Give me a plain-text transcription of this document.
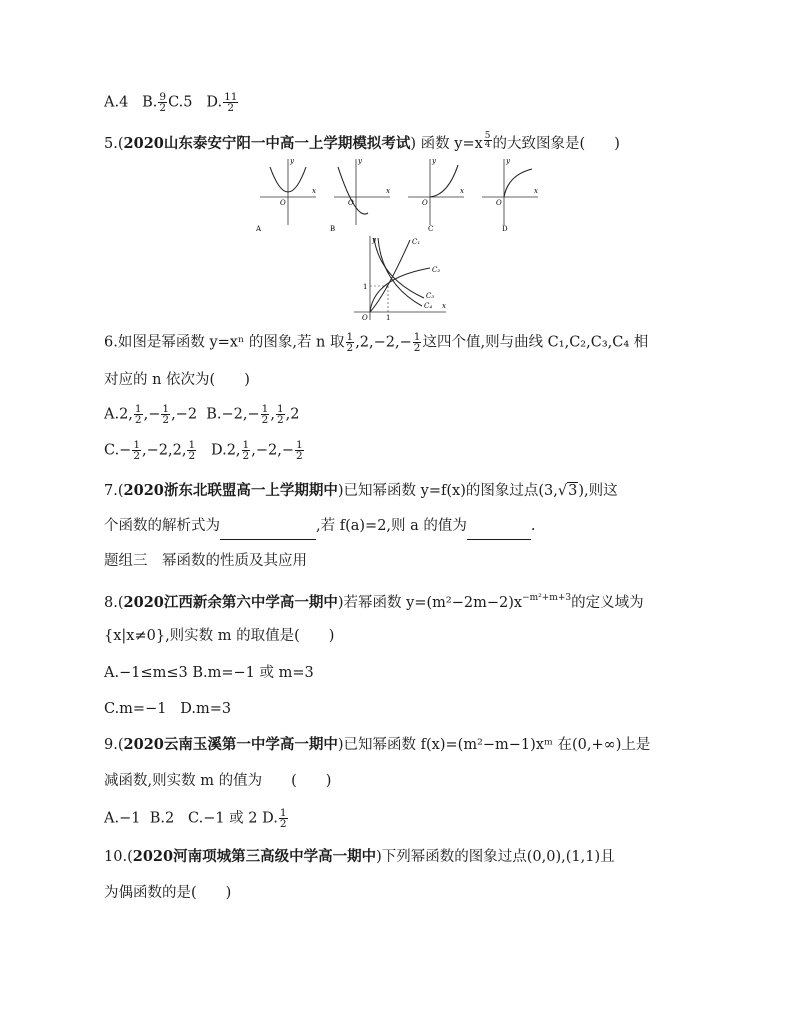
A.4 B. $\frac{9}{2} C.5$ D. $\frac{11}{2}$
5.(2020山东泰安宁阳一中高一上学期模拟考试) 函数 $y=x \frac{5}{4}$ 的大致图象是(　　)
y
x
O
A
y
x
O
B
y
x
O
C
y
x
O
D
C₁
C₂
C₃
C₄
1
1
O
y
x
6.如图是幂函数 y=xⁿ 的图象,若 n 取 $\frac{1}{2} ,2,-2,- \frac{1}{2}$ 这四个值,则与曲线 C₁,C₂,C₃,C₄ 相
对应的 n 依次为(　　)
A.2, $\frac{1}{2}$ ,− $\frac{1}{2} ,-2$ $B.-2,- \frac{1}{2}$ , $\frac{1}{2} ,2$
$C.- \frac{1}{2} ,-2,2$, $\frac{1}{2} D.2$, $\frac{1}{2} ,-2,- \frac{1}{2}$
7.(2020浙东北联盟高一上学期期中)已知幂函数 y=f(x)的图象过点(3,√3),则这
个函数的解析式为	,若 f(a)=2,则 a 的值为	.
题组三　幂函数的性质及其应用
8.(2020江西新余第六中学高一期中)若幂函数 $y=(m^2-2m-2)x^{-m^2+m+3}$的定义域为
{x|x≠0},则实数 m 的取值是(　　)
A.−1≤m≤3 B.m=−1 或 m=3
C.m=−1 D.m=3
9.(2020云南玉溪第一中学高一期中)已知幂函数 f(x)=(m²−m−1)xᵐ 在(0,+∞)上是
减函数,则实数 m 的值为　　(　　)
A.−1 B.2 C.−1 或 2 D. $\frac{1}{2}$
10.(2020河南项城第三高级中学高一期中)下列幂函数的图象过点(0,0),(1,1)且
为偶函数的是(　　)
